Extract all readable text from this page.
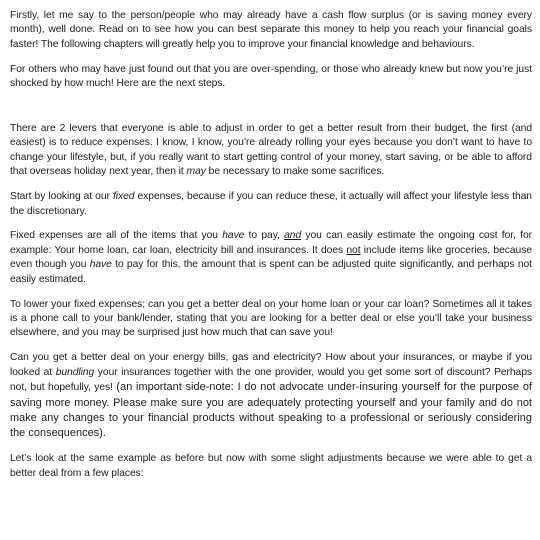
Firstly, let me say to the person/people who may already have a cash flow surplus (or is saving money every month), well done. Read on to see how you can best separate this money to help you reach your financial goals faster! The following chapters will greatly help you to improve your financial knowledge and behaviours.

For others who may have just found out that you are over-spending, or those who already knew but now you’re just shocked by how much! Here are the next steps.

There are 2 levers that everyone is able to adjust in order to get a better result from their budget, the first (and easiest) is to reduce expenses. I know, I know, you’re already rolling your eyes because you don’t want to have to change your lifestyle, but, if you really want to start getting control of your money, start saving, or be able to afford that overseas holiday next year, then it may be necessary to make some sacrifices.

Start by looking at our fixed expenses, because if you can reduce these, it actually will affect your lifestyle less than the discretionary.

Fixed expenses are all of the items that you have to pay, and you can easily estimate the ongoing cost for, for example: Your home loan, car loan, electricity bill and insurances. It does not include items like groceries, because even though you have to pay for this, the amount that is spent can be adjusted quite significantly, and perhaps not easily estimated.

To lower your fixed expenses; can you get a better deal on your home loan or your car loan? Sometimes all it takes is a phone call to your bank/lender, stating that you are looking for a better deal or else you’ll take your business elsewhere, and you may be surprised just how much that can save you!

Can you get a better deal on your energy bills, gas and electricity? How about your insurances, or maybe if you looked at bundling your insurances together with the one provider, would you get some sort of discount? Perhaps not, but hopefully, yes! (an important side-note: I do not advocate under-insuring yourself for the purpose of saving more money. Please make sure you are adequately protecting yourself and your family and do not make any changes to your financial products without speaking to a professional or seriously considering the consequences).

Let’s look at the same example as before but now with some slight adjustments because we were able to get a better deal from a few places:
